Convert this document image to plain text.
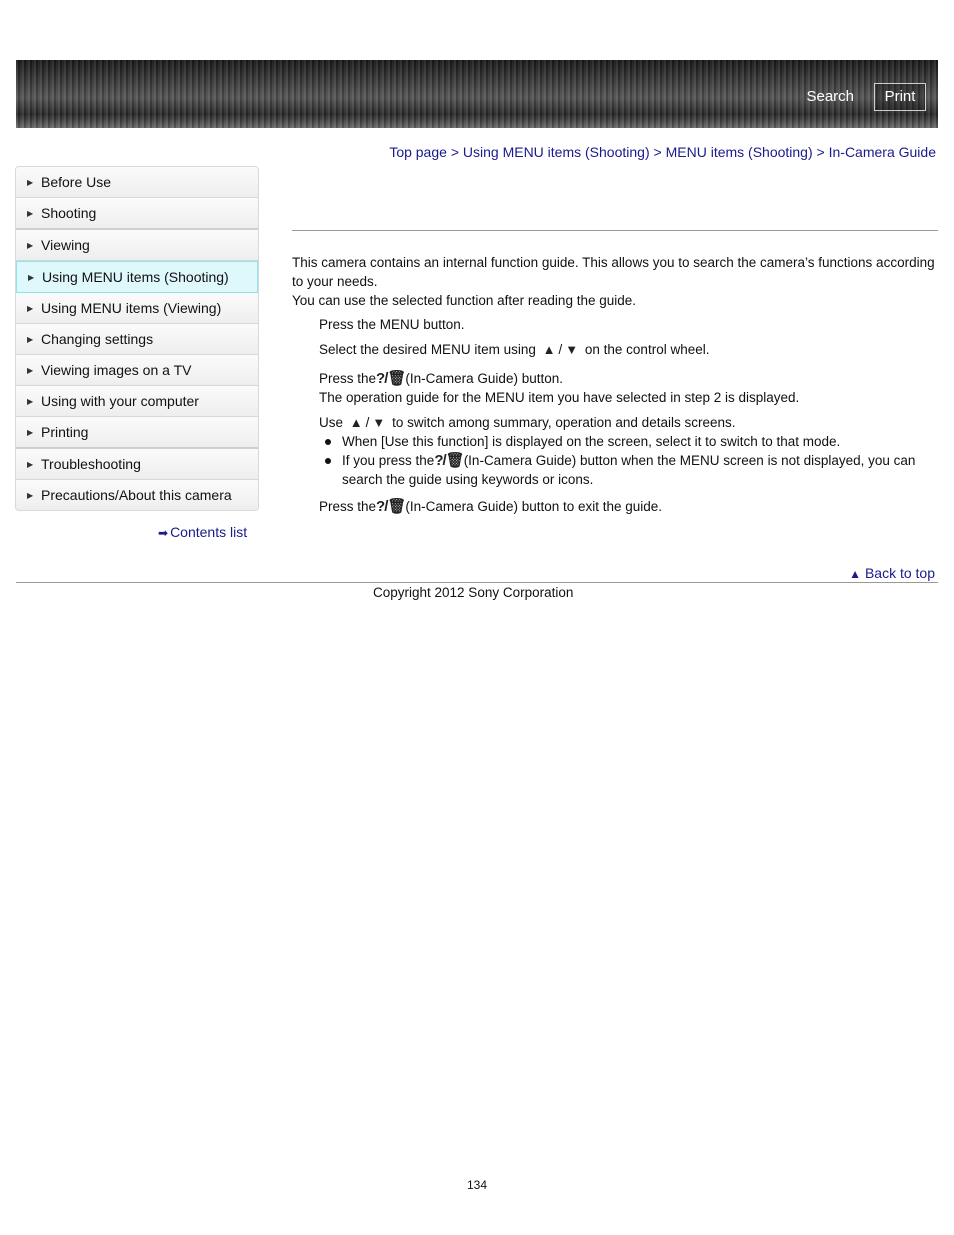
Search	Print
Top page > Using MENU items (Shooting) > MENU items (Shooting) > In-Camera Guide
▶ Before Use
▶ Shooting
▶ Viewing
▶ Using MENU items (Shooting)
▶ Using MENU items (Viewing)
▶ Changing settings
▶ Viewing images on a TV
▶ Using with your computer
▶ Printing
▶ Troubleshooting
▶ Precautions/About this camera
➡ Contents list

This camera contains an internal function guide. This allows you to search the camera’s functions according to your needs.

You can use the selected function after reading the guide.

Press the MENU button.
Select the desired MENU item using ▲ / ▼ on the control wheel.
Press the?/🗑(In-Camera Guide) button.
The operation guide for the MENU item you have selected in step 2 is displayed.
Use ▲ / ▼ to switch among summary, operation and details screens.
When [Use this function] is displayed on the screen, select it to switch to that mode.
If you press the?/🗑(In-Camera Guide) button when the MENU screen is not displayed, you can search the guide using keywords or icons.
Press the?/🗑(In-Camera Guide) button to exit the guide.
▲ Back to top
Copyright 2012 Sony Corporation
134
